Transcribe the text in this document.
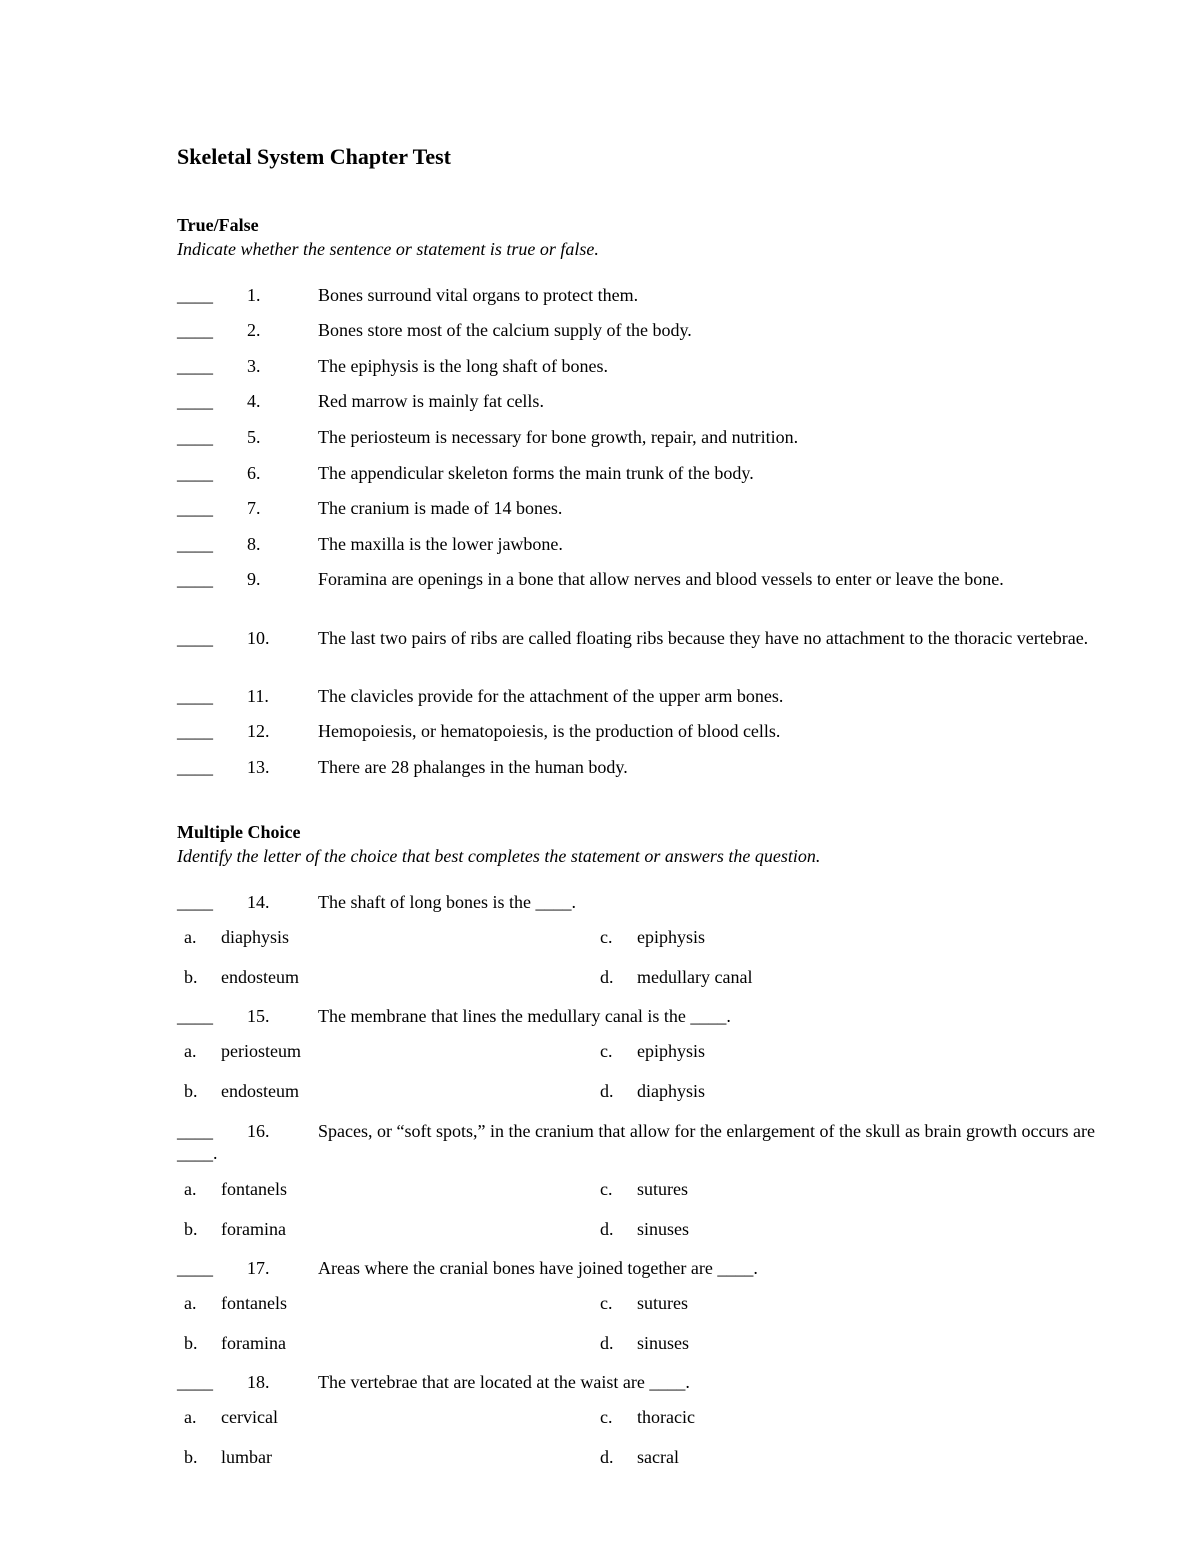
Skeletal System Chapter Test
True/False
Indicate whether the sentence or statement is true or false.
____ 1.	Bones surround vital organs to protect them.
____ 2.	Bones store most of the calcium supply of the body.
____ 3.	The epiphysis is the long shaft of bones.
____ 4.	Red marrow is mainly fat cells.
____ 5.	The periosteum is necessary for bone growth, repair, and nutrition.
____ 6.	The appendicular skeleton forms the main trunk of the body.
____ 7.	The cranium is made of 14 bones.
____ 8.	The maxilla is the lower jawbone.
____ 9.	Foramina are openings in a bone that allow nerves and blood vessels to enter or leave the bone.
____ 10.	The last two pairs of ribs are called floating ribs because they have no attachment to the thoracic vertebrae.
____ 11.	The clavicles provide for the attachment of the upper arm bones.
____ 12.	Hemopoiesis, or hematopoiesis, is the production of blood cells.
____ 13.	There are 28 phalanges in the human body.
Multiple Choice
Identify the letter of the choice that best completes the statement or answers the question.
____ 14.	The shaft of long bones is the ____.
a. diaphysis	c. epiphysis
b. endosteum	d. medullary canal
____ 15.	The membrane that lines the medullary canal is the ____.
a. periosteum	c. epiphysis
b. endosteum	d. diaphysis
____ 16.	Spaces, or “soft spots,” in the cranium that allow for the enlargement of the skull as brain growth occurs are ____.
a. fontanels	c. sutures
b. foramina	d. sinuses
____ 17.	Areas where the cranial bones have joined together are ____.
a. fontanels	c. sutures
b. foramina	d. sinuses
____ 18.	The vertebrae that are located at the waist are ____.
a. cervical	c. thoracic
b. lumbar	d. sacral
